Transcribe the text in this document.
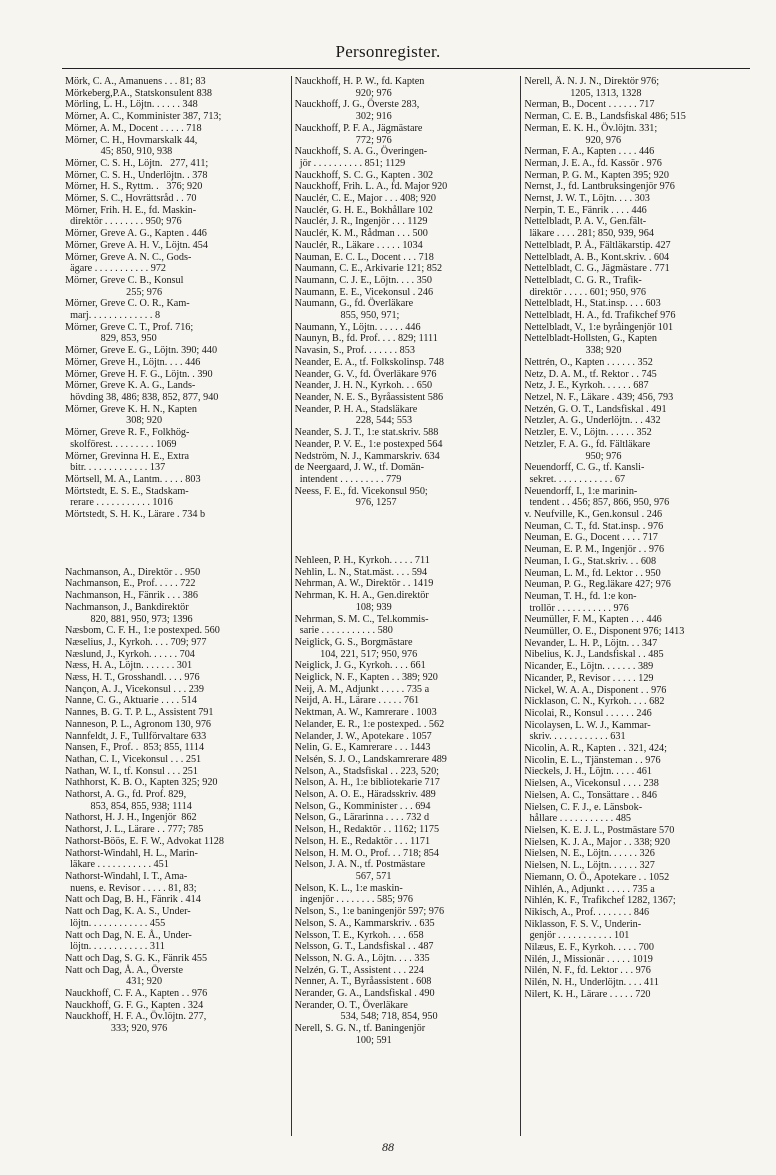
Personregister.
Mörk, C. A., Amanuens . . . 81; 83
Mörkeberg,P.A., Statskonsulent 838
Mörling, L. H., Löjtn. . . . . . 348
Mörner, A. C., Komminister 387, 713;
Mörner, A. M., Docent . . . . . 718
Mörner, C. H., Hovmarskalk 44,
45; 850, 910, 938
Mörner, C. S. H., Löjtn.   277, 411;
Mörner, C. S. H., Underlöjtn. . 378
Mörner, H. S., Ryttm. .   376; 920
Mörner, S. C., Hovrättsråd . . 70
Mörner, Frih. H. E., fd. Maskin-
direktör . . . . . . . . 950; 976
Mörner, Greve A. G., Kapten . 446
Mörner, Greve A. H. V., Löjtn. 454
Mörner, Greve A. N. C., Gods-
ägare . . . . . . . . . . . 972
Mörner, Greve C. B., Konsul
255; 976
Mörner, Greve C. O. R., Kam-
marj. . . . . . . . . . . . . 8
Mörner, Greve C. T., Prof. 716;
829, 853, 950
Mörner, Greve E. G., Löjtn. 390; 440
Mörner, Greve H., Löjtn. . . . 446
Mörner, Greve H. F. G., Löjtn. . 390
Mörner, Greve K. A. G., Lands-
hövding 38, 486; 838, 852, 877, 940
Mörner, Greve K. H. N., Kapten
308; 920
Mörner, Greve R. F., Folkhög-
skolförest. . . . . . . . . 1069
Mörner, Grevinna H. E., Extra
bitr. . . . . . . . . . . . . 137
Mörtsell, M. A., Lantm. . . . . 803
Mörtstedt, E. S. E., Stadskam-
rerare . . . . . . . . . . . 1016
Mörtstedt, S. H. K., Lärare . 734 b
Nachmanson, A., Direktör . . 950
Nachmanson, E., Prof. . . . . 722
Nachmanson, H., Fänrik . . . 386
Nachmanson, J., Bankdirektör
820, 881, 950, 973; 1396
Næsbom, C. F. H., 1:e postexped. 560
Næselius, J., Kyrkoh. . . . 709; 977
Næslund, J., Kyrkoh. . . . . . 704
Næss, H. A., Löjtn. . . . . . . 301
Næss, H. T., Grosshandl. . . . 976
Nançon, A. J., Vicekonsul . . . 239
Nanne, C. G., Aktuarie . . . . 514
Nannes, B. G. T. P. L., Assistent 791
Nanneson, P. L., Agronom 130, 976
Nannfeldt, J. F., Tullförvaltare 633
Nansen, F., Prof. .  853; 855, 1114
Nathan, C. I., Vicekonsul . . . 251
Nathan, W. I., tf. Konsul . . . 251
Nathhorst, K. B. O., Kapten 325; 920
Nathorst, A. G., fd. Prof. 829,
853, 854, 855, 938; 1114
Nathorst, H. J. H., Ingenjör  862
Nathorst, J. L., Lärare . . 777; 785
Nathorst-Böös, E. F. W., Advokat 1128
Nathorst-Windahl, H. L., Marin-
läkare . . . . . . . . . . . 451
Nathorst-Windahl, I. T., Ama-
nuens, e. Revisor . . . . . 81, 83;
Natt och Dag, B. H., Fänrik . 414
Natt och Dag, K. A. S., Under-
löjtn. . . . . . . . . . . . 455
Natt och Dag, N. E. Å., Under-
löjtn. . . . . . . . . . . . 311
Natt och Dag, S. G. K., Fänrik 455
Natt och Dag, Å. A., Överste
431; 920
Nauckhoff, C. F. A., Kapten . . 976
Nauckhoff, G. F. G., Kapten . 324
Nauckhoff, H. F. A., Öv.löjtn. 277,
333; 920, 976
Nauckhoff, H. P. W., fd. Kapten
920; 976
Nauckhoff, J. G., Överste 283,
302; 916
Nauckhoff, P. F. A., Jägmästare
772; 976
Nauckhoff, S. A. G., Överingen-
jör . . . . . . . . . . 851; 1129
Nauckhoff, S. C. G., Kapten . 302
Nauckhoff, Frih. L. A., fd. Major 920
Nauclér, C. E., Major . . . 408; 920
Nauclér, G. H. E., Bokhållare 102
Nauclér, J. R., Ingenjör . . . 1129
Nauclér, K. M., Rådman . . . 500
Nauclér, R., Läkare . . . . . 1034
Nauman, E. C. L., Docent . . . 718
Naumann, C. E., Arkivarie 121; 852
Naumann, C. J. E., Löjtn. . . . 350
Naumann, E. E., Vicekonsul . 246
Naumann, G., fd. Överläkare
855, 950, 971;
Naumann, Y., Löjtn. . . . . . 446
Naunyn, B., fd. Prof. . . . 829; 1111
Navasin, S., Prof. . . . . . . 853
Neander, E. A., tf. Folkskolinsp. 748
Neander, G. V., fd. Överläkare 976
Neander, J. H. N., Kyrkoh. . . 650
Neander, N. E. S., Byråassistent 586
Neander, P. H. A., Stadsläkare
228, 544; 553
Neander, S. J. T., 1:e stat.skriv. 588
Neander, P. V. E., 1:e postexped 564
Nedström, N. J., Kammarskriv. 634
de Neergaard, J. W., tf. Domän-
intendent . . . . . . . . . 779
Neess, F. E., fd. Vicekonsul 950;
976, 1257
Nehleen, P. H., Kyrkoh. . . . . 711
Nehlin, L. N., Stat.mäst. . . . 594
Nehrman, A. W., Direktör . . 1419
Nehrman, K. H. A., Gen.direktör
108; 939
Nehrman, S. M. C., Tel.kommis-
sarie . . . . . . . . . . . 580
Neiglick, G. S., Borgmästare
104, 221, 517; 950, 976
Neiglick, J. G., Kyrkoh. . . . 661
Neiglick, N. F., Kapten . . 389; 920
Neij, A. M., Adjunkt . . . . . 735 a
Neijd, A. H., Lärare . . . . . 761
Nektman, A. W., Kamrerare . 1003
Nelander, E. R., 1:e postexped. . 562
Nelander, J. W., Apotekare . 1057
Nelin, G. E., Kamrerare . . . 1443
Nelsén, S. J. O., Landskamrerare 489
Nelson, A., Stadsfiskal . . 223, 520;
Nelson, A. H., 1:e bibliotekarie 717
Nelson, A. O. E., Häradsskriv. 489
Nelson, G., Komminister . . . 694
Nelson, G., Lärarinna . . . . 732 d
Nelson, H., Redaktör . . 1162; 1175
Nelson, H. E., Redaktör . . . 1171
Nelson, H. M. O., Prof. . . 718; 854
Nelson, J. A. N., tf. Postmästare
567, 571
Nelson, K. L., 1:e maskin-
ingenjör . . . . . . . . 585; 976
Nelson, S., 1:e baningenjör 597; 976
Nelson, S. A., Kammarskriv. . 635
Nelsson, T. E., Kyrkoh. . . . 658
Nelsson, G. T., Landsfiskal . . 487
Nelsson, N. G. A., Löjtn. . . . 335
Nelzén, G. T., Assistent . . . 224
Nenner, A. T., Byråassistent . 608
Nerander, G. A., Landsfiskal . 490
Nerander, O. T., Överläkare
534, 548; 718, 854, 950
Nerell, S. G. N., tf. Baningenjör
100; 591
Nerell, Å. N. J. N., Direktör 976;
1205, 1313, 1328
Nerman, B., Docent . . . . . . 717
Nerman, C. E. B., Landsfiskal 486; 515
Nerman, E. K. H., Öv.löjtn. 331;
920, 976
Nerman, F. A., Kapten . . . . 446
Nerman, J. E. A., fd. Kassör . 976
Nerman, P. G. M., Kapten 395; 920
Nernst, J., fd. Lantbruksingenjör 976
Nernst, J. W. T., Löjtn. . . . 303
Nerpin, T. E., Fänrik . . . . 446
Nettelbladt, P. A. V., Gen.fält-
läkare . . . . 281; 850, 939, 964
Nettelbladt, P. Å., Fältläkarstip. 427
Nettelbladt, A. B., Kont.skriv. . 604
Nettelbladt, C. G., Jägmästare . 771
Nettelbladt, C. G. R., Trafik-
direktör . . . . . 601; 950, 976
Nettelbladt, H., Stat.insp. . . . 603
Nettelbladt, H. A., fd. Trafikchef 976
Nettelbladt, V., 1:e byråingenjör 101
Nettelbladt-Hollsten, G., Kapten
338; 920
Nettrén, O., Kapten . . . . . . 352
Netz, D. A. M., tf. Rektor . . 745
Netz, J. E., Kyrkoh. . . . . . 687
Netzel, N. F., Läkare . 439; 456, 793
Netzén, G. O. T., Landsfiskal . 491
Netzler, A. G., Underlöjtn. . . 432
Netzler, E. V., Löjtn. . . . . . 352
Netzler, F. A. G., fd. Fältläkare
950; 976
Neuendorff, C. G., tf. Kansli-
sekret. . . . . . . . . . . . 67
Neuendorff, I., 1:e marinin-
tendent . . 456; 857, 866, 950, 976
v. Neufville, K., Gen.konsul . 246
Neuman, C. T., fd. Stat.insp. . 976
Neuman, E. G., Docent . . . . 717
Neuman, E. P. M., Ingenjör . . 976
Neuman, I. G., Stat.skriv. . . 608
Neuman, L. M., fd. Lektor . . 950
Neuman, P. G., Reg.läkare 427; 976
Neuman, T. H., fd. 1:e kon-
trollör . . . . . . . . . . . 976
Neumüller, F. M., Kapten . . . 446
Neumüller, O. E., Disponent 976; 1413
Nevander, L. H. P., Löjtn. . . 347
Nibelius, K. J., Landsfiskal . . 485
Nicander, E., Löjtn. . . . . . . 389
Nicander, P., Revisor . . . . . 129
Nickel, W. A. A., Disponent . . 976
Nicklason, C. N., Kyrkoh. . . . 682
Nicolai, R., Konsul . . . . . . 246
Nicolaysen, L. W. J., Kammar-
skriv. . . . . . . . . . . . 631
Nicolin, A. R., Kapten . . 321, 424;
Nicolin, E. L., Tjänsteman . . 976
Nieckels, J. H., Löjtn. . . . . 461
Nielsen, A., Vicekonsul . . . . 238
Nielsen, A. C., Tonsättare . . 846
Nielsen, C. F. J., e. Länsbok-
hållare . . . . . . . . . . . 485
Nielsen, K. E. J. L., Postmästare 570
Nielsen, K. J. A., Major . . 338; 920
Nielsen, N. E., Löjtn. . . . . . 326
Nielsen, N. L., Löjtn. . . . . . 327
Niemann, O. Ö., Apotekare . . 1052
Nihlén, A., Adjunkt . . . . . 735 a
Nihlén, K. F., Trafikchef 1282, 1367;
Nikisch, A., Prof. . . . . . . . 846
Niklasson, F. S. V., Underin-
genjör . . . . . . . . . . . 101
Nilæus, E. F., Kyrkoh. . . . . 700
Nilén, J., Missionär . . . . . 1019
Nilén, N. F., fd. Lektor . . . 976
Nilén, N. H., Underlöjtn. . . . 411
Nilert, K. H., Lärare . . . . . 720
88
